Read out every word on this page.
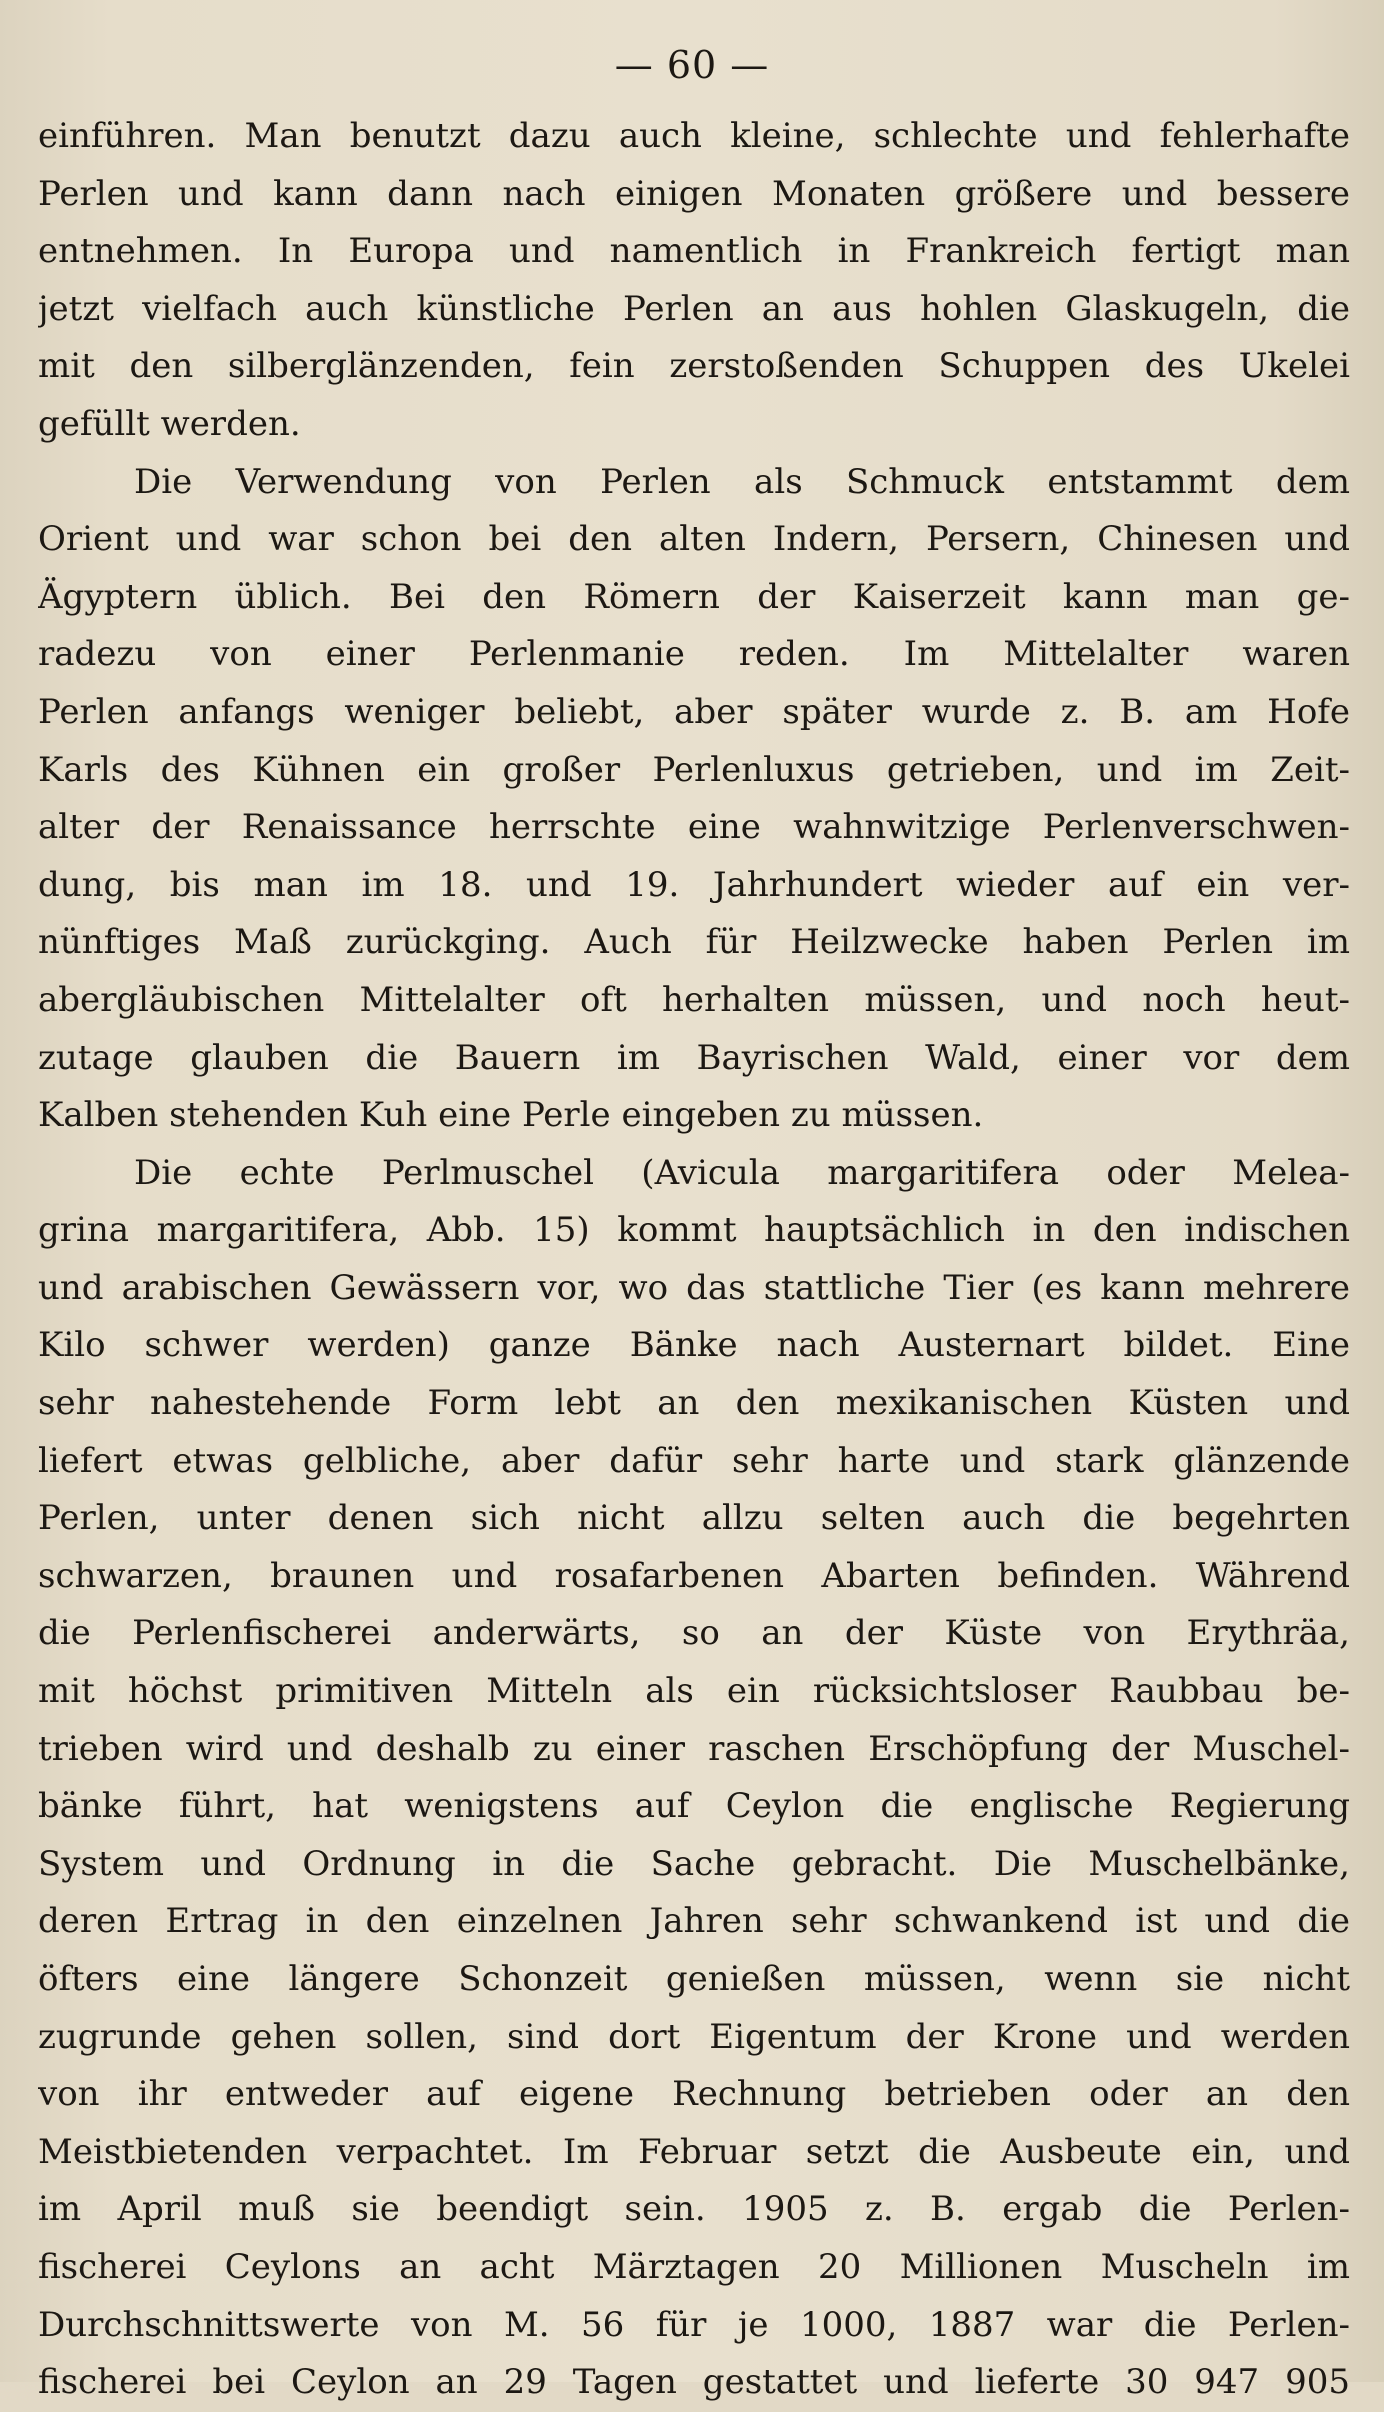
— 60 —
einführen. Man benutzt dazu auch kleine, schlechte und fehlerhafte
Perlen und kann dann nach einigen Monaten größere und bessere
entnehmen. In Europa und namentlich in Frankreich fertigt man
jetzt vielfach auch künstliche Perlen an aus hohlen Glaskugeln, die
mit den silberglänzenden, fein zerstoßenden Schuppen des Ukelei
gefüllt werden.
Die Verwendung von Perlen als Schmuck entstammt dem
Orient und war schon bei den alten Indern, Persern, Chinesen und
Ägyptern üblich. Bei den Römern der Kaiserzeit kann man ge-
radezu von einer Perlenmanie reden. Im Mittelalter waren
Perlen anfangs weniger beliebt, aber später wurde z. B. am Hofe
Karls des Kühnen ein großer Perlenluxus getrieben, und im Zeit-
alter der Renaissance herrschte eine wahnwitzige Perlenverschwen-
dung, bis man im 18. und 19. Jahrhundert wieder auf ein ver-
nünftiges Maß zurückging. Auch für Heilzwecke haben Perlen im
abergläubischen Mittelalter oft herhalten müssen, und noch heut-
zutage glauben die Bauern im Bayrischen Wald, einer vor dem
Kalben stehenden Kuh eine Perle eingeben zu müssen.
Die echte Perlmuschel (Avicula margaritifera oder Melea-
grina margaritifera, Abb. 15) kommt hauptsächlich in den indischen
und arabischen Gewässern vor, wo das stattliche Tier (es kann mehrere
Kilo schwer werden) ganze Bänke nach Austernart bildet. Eine
sehr nahestehende Form lebt an den mexikanischen Küsten und
liefert etwas gelbliche, aber dafür sehr harte und stark glänzende
Perlen, unter denen sich nicht allzu selten auch die begehrten
schwarzen, braunen und rosafarbenen Abarten befinden. Während
die Perlenfischerei anderwärts, so an der Küste von Erythräa,
mit höchst primitiven Mitteln als ein rücksichtsloser Raubbau be-
trieben wird und deshalb zu einer raschen Erschöpfung der Muschel-
bänke führt, hat wenigstens auf Ceylon die englische Regierung
System und Ordnung in die Sache gebracht. Die Muschelbänke,
deren Ertrag in den einzelnen Jahren sehr schwankend ist und die
öfters eine längere Schonzeit genießen müssen, wenn sie nicht
zugrunde gehen sollen, sind dort Eigentum der Krone und werden
von ihr entweder auf eigene Rechnung betrieben oder an den
Meistbietenden verpachtet. Im Februar setzt die Ausbeute ein, und
im April muß sie beendigt sein. 1905 z. B. ergab die Perlen-
fischerei Ceylons an acht Märztagen 20 Millionen Muscheln im
Durchschnittswerte von M. 56 für je 1000, 1887 war die Perlen-
fischerei bei Ceylon an 29 Tagen gestattet und lieferte 30 947 905
